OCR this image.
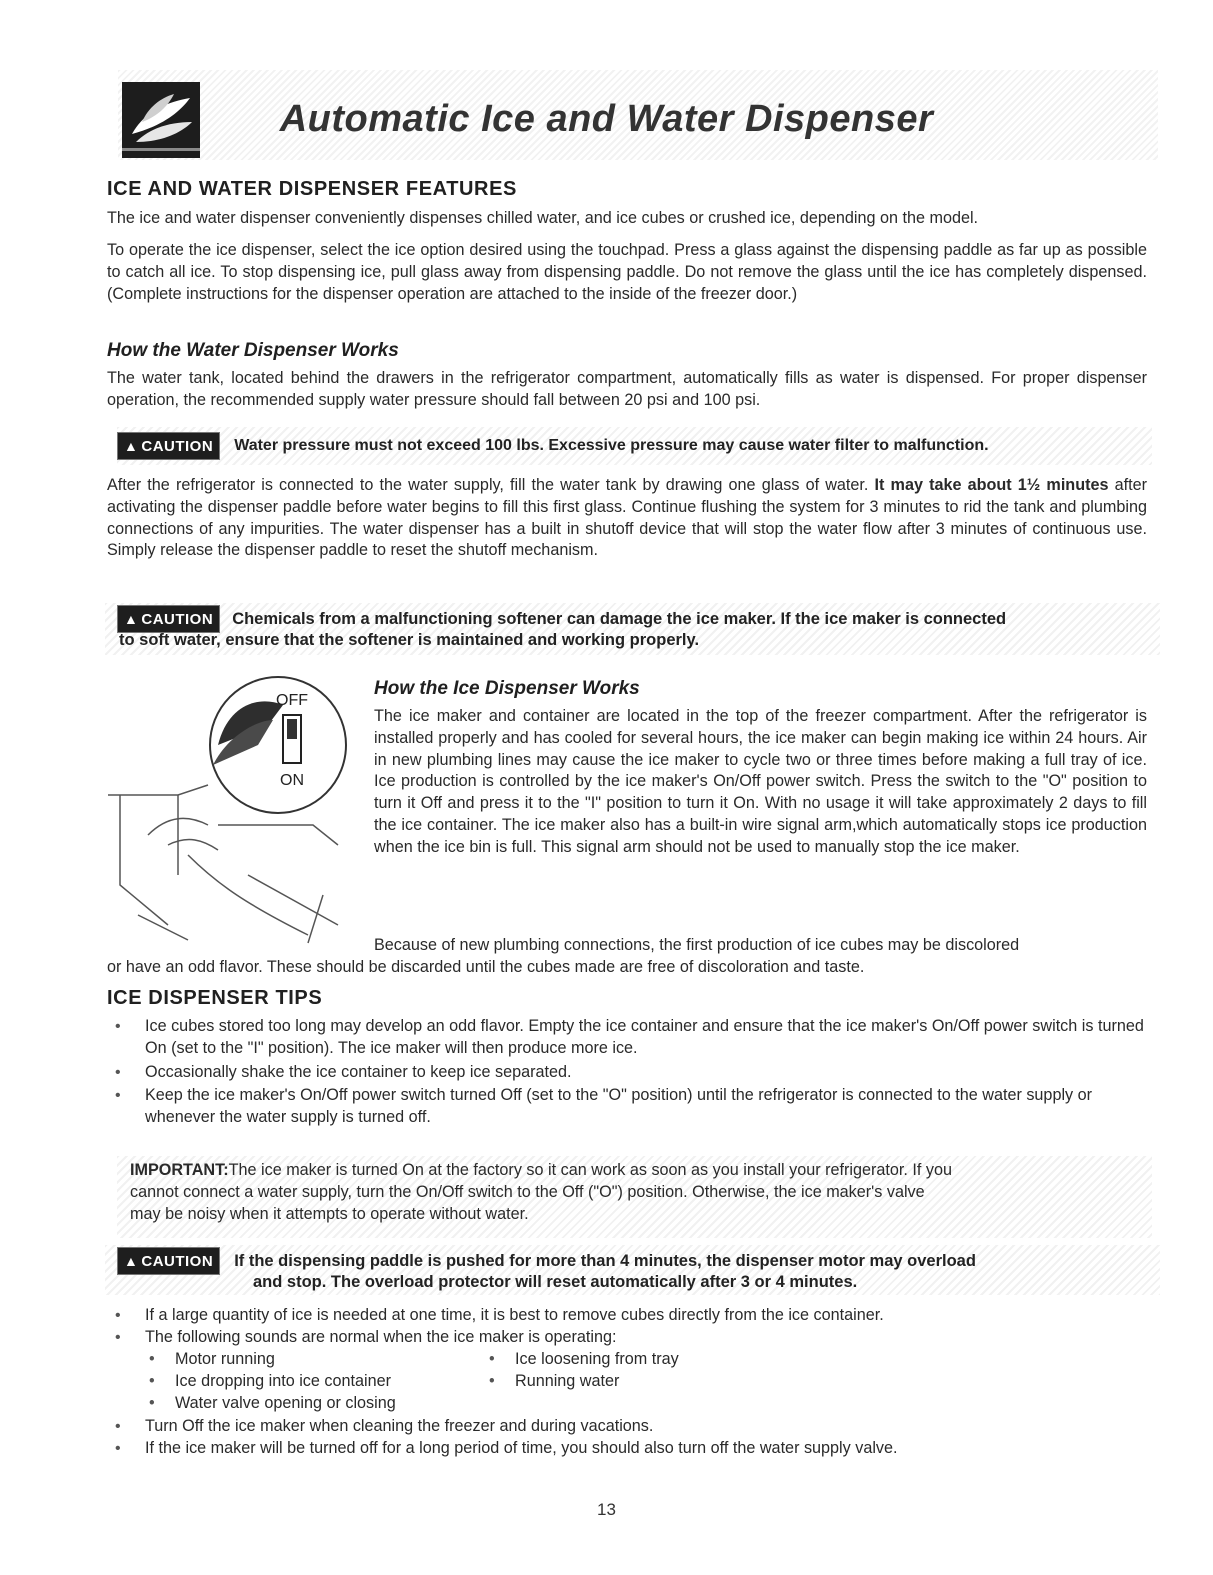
Automatic Ice and Water Dispenser
ICE AND WATER DISPENSER FEATURES

The ice and water dispenser conveniently dispenses chilled water, and ice cubes or crushed ice, depending on the model.

To operate the ice dispenser, select the ice option desired using the touchpad. Press a glass against the dispensing paddle as far up as possible to catch all ice. To stop dispensing ice, pull glass away from dispensing paddle. Do not remove the glass until the ice has completely dispensed. (Complete instructions for the dispenser operation are attached to the inside of the freezer door.)

How the Water Dispenser Works

The water tank, located behind the drawers in the refrigerator compartment, automatically fills as water is dispensed. For proper dispenser operation, the recommended supply water pressure should fall between 20 psi and 100 psi.

▲ CAUTION Water pressure must not exceed 100 lbs. Excessive pressure may cause water filter to malfunction.

After the refrigerator is connected to the water supply, fill the water tank by drawing one glass of water. It may take about 1½ minutes after activating the dispenser paddle before water begins to fill this first glass. Continue flushing the system for 3 minutes to rid the tank and plumbing connections of any impurities. The water dispenser has a built in shutoff device that will stop the water flow after 3 minutes of continuous use. Simply release the dispenser paddle to reset the shutoff mechanism.

▲ CAUTION Chemicals from a malfunctioning softener can damage the ice maker. If the ice maker is connected
to soft water, ensure that the softener is maintained and working properly.
OFF
ON
How the Ice Dispenser Works

The ice maker and container are located in the top of the freezer compartment. After the refrigerator is installed properly and has cooled for several hours, the ice maker can begin making ice within 24 hours. Air in new plumbing lines may cause the ice maker to cycle two or three times before making a full tray of ice. Ice production is controlled by the ice maker's On/Off power switch. Press the switch to the "O" position to turn it Off and press it to the "I" position to turn it On. With no usage it will take approximately 2 days to fill the ice container. The ice maker also has a built-in wire signal arm,which automatically stops ice production when the ice bin is full. This signal arm should not be used to manually stop the ice maker.

Because of new plumbing connections, the first production of ice cubes may be discolored
or have an odd flavor. These should be discarded until the cubes made are free of discoloration and taste.
ICE DISPENSER TIPS
• Ice cubes stored too long may develop an odd flavor. Empty the ice container and ensure that the ice maker's On/Off power switch is turned On (set to the "I" position). The ice maker will then produce more ice.
• Occasionally shake the ice container to keep ice separated.
• Keep the ice maker's On/Off power switch turned Off (set to the "O" position) until the refrigerator is connected to the water supply or whenever the water supply is turned off.

IMPORTANT:The ice maker is turned On at the factory so it can work as soon as you install your refrigerator. If you

cannot connect a water supply, turn the On/Off switch to the Off ("O") position. Otherwise, the ice maker's valve

may be noisy when it attempts to operate without water.

▲ CAUTION If the dispensing paddle is pushed for more than 4 minutes, the dispenser motor may overload
and stop. The overload protector will reset automatically after 3 or 4 minutes.
• If a large quantity of ice is needed at one time, it is best to remove cubes directly from the ice container.
• The following sounds are normal when the ice maker is operating:
• Motor running
• Ice dropping into ice container
• Water valve opening or closing
• Ice loosening from tray
• Running water
• Turn Off the ice maker when cleaning the freezer and during vacations.
• If the ice maker will be turned off for a long period of time, you should also turn off the water supply valve.
13
